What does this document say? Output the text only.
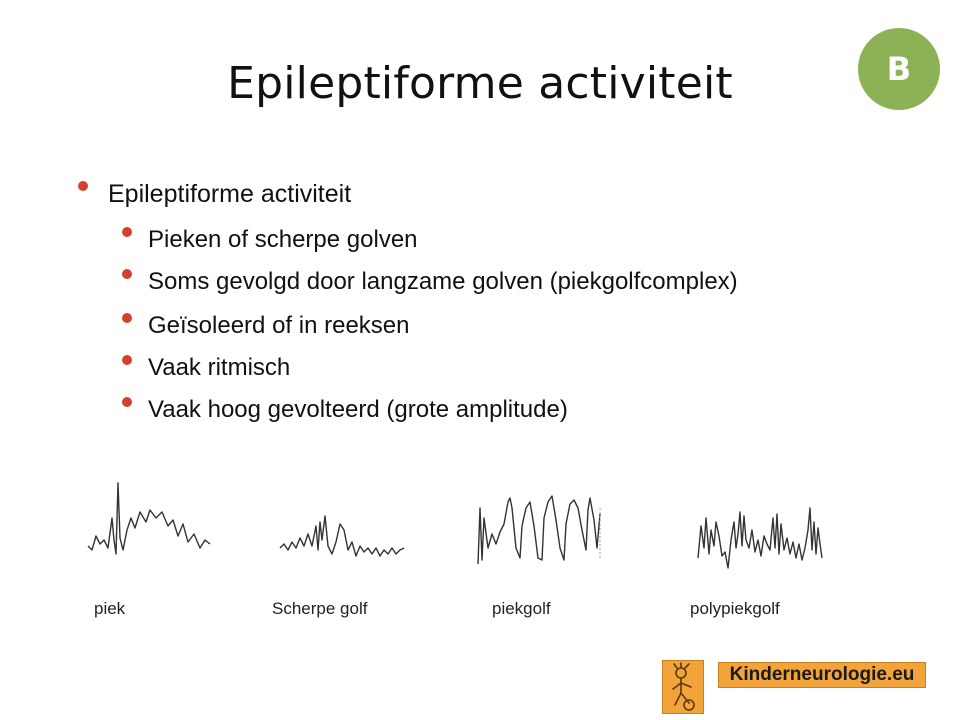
Epileptiforme activiteit	B
Epileptiforme activiteit
Pieken of scherpe golven
Soms gevolgd door langzame golven (piekgolfcomplex)
Geïsoleerd of in reeksen
Vaak ritmisch
Vaak hoog gevolteerd (grote amplitude)
piek	Scherpe golf	piekgolf	polypiekgolf
Kinderneurologie.eu
